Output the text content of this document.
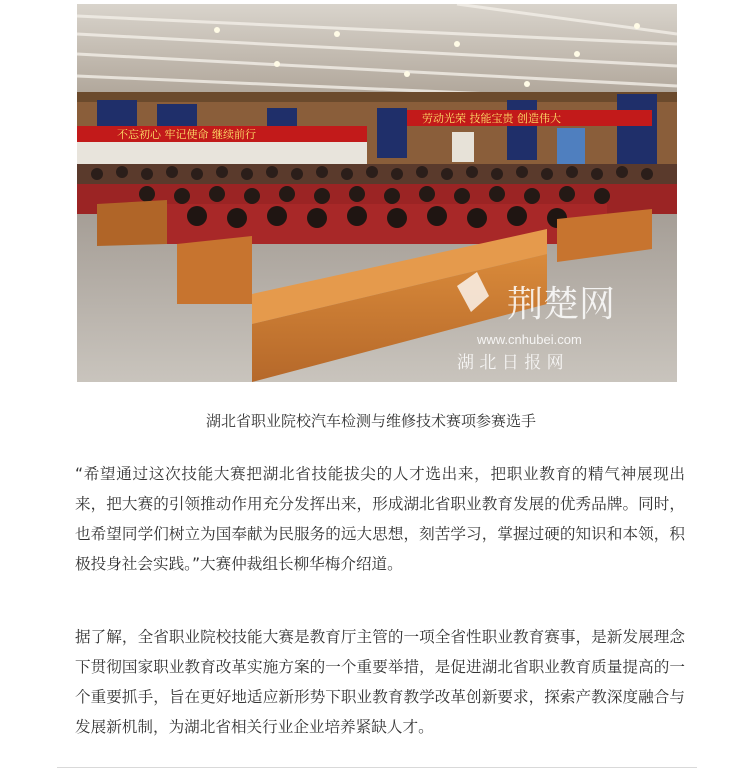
不忘初心 牢记使命 继续前行
劳动光荣 技能宝贵 创造伟大
荆楚网
www.cnhubei.com
湖 北 日 报 网
湖北省职业院校汽车检测与维修技术赛项参赛选手

“希望通过这次技能大赛把湖北省技能拔尖的人才选出来，把职业教育的精气神展现出来，把大赛的引领推动作用充分发挥出来，形成湖北省职业教育发展的优秀品牌。同时，也希望同学们树立为国奉献为民服务的远大思想，刻苦学习，掌握过硬的知识和本领，积极投身社会实践。”大赛仲裁组长柳华梅介绍道。

据了解，全省职业院校技能大赛是教育厅主管的一项全省性职业教育赛事，是新发展理念下贯彻国家职业教育改革实施方案的一个重要举措，是促进湖北省职业教育质量提高的一个重要抓手，旨在更好地适应新形势下职业教育教学改革创新要求，探索产教深度融合与发展新机制，为湖北省相关行业企业培养紧缺人才。
